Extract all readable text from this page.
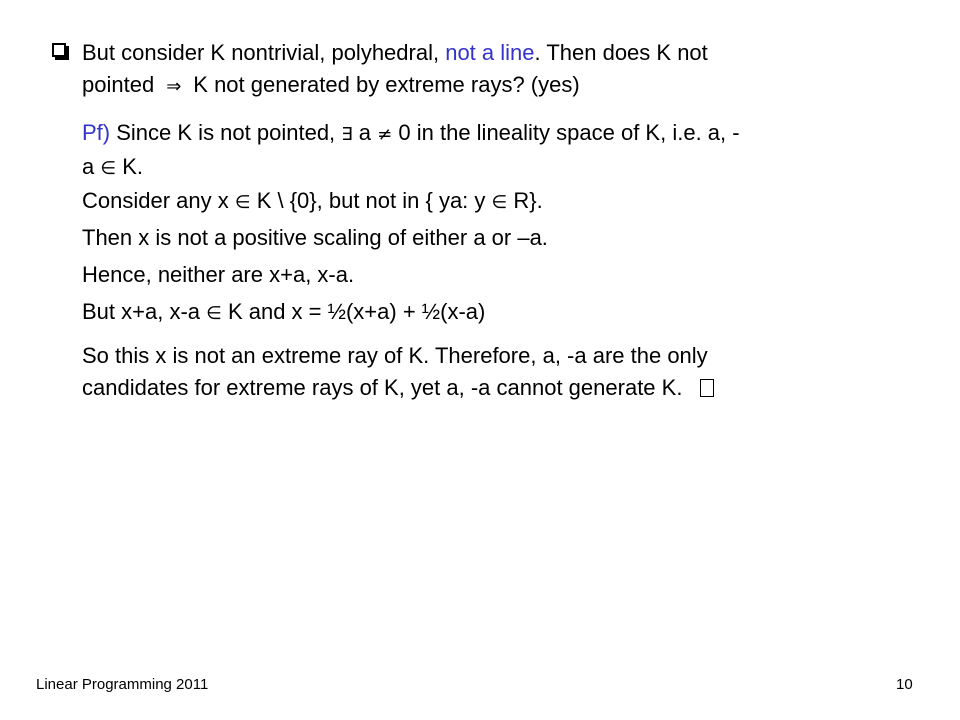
But consider K nontrivial, polyhedral, not a line. Then does K not
pointed ⇒ K not generated by extreme rays? (yes)

Pf) Since K is not pointed, ∃ a ≠ 0 in the lineality space of K, i.e. a, -
a ∈ K.

Consider any x ∈ K \ {0}, but not in { ya: y ∈ R}.

Then x is not a positive scaling of either a or –a.

Hence, neither are x+a, x-a.

But x+a, x-a ∈ K and x = ½(x+a) + ½(x-a)

So this x is not an extreme ray of K. Therefore, a, -a are the only
candidates for extreme rays of K, yet a, -a cannot generate K.

Linear Programming 2011	10
